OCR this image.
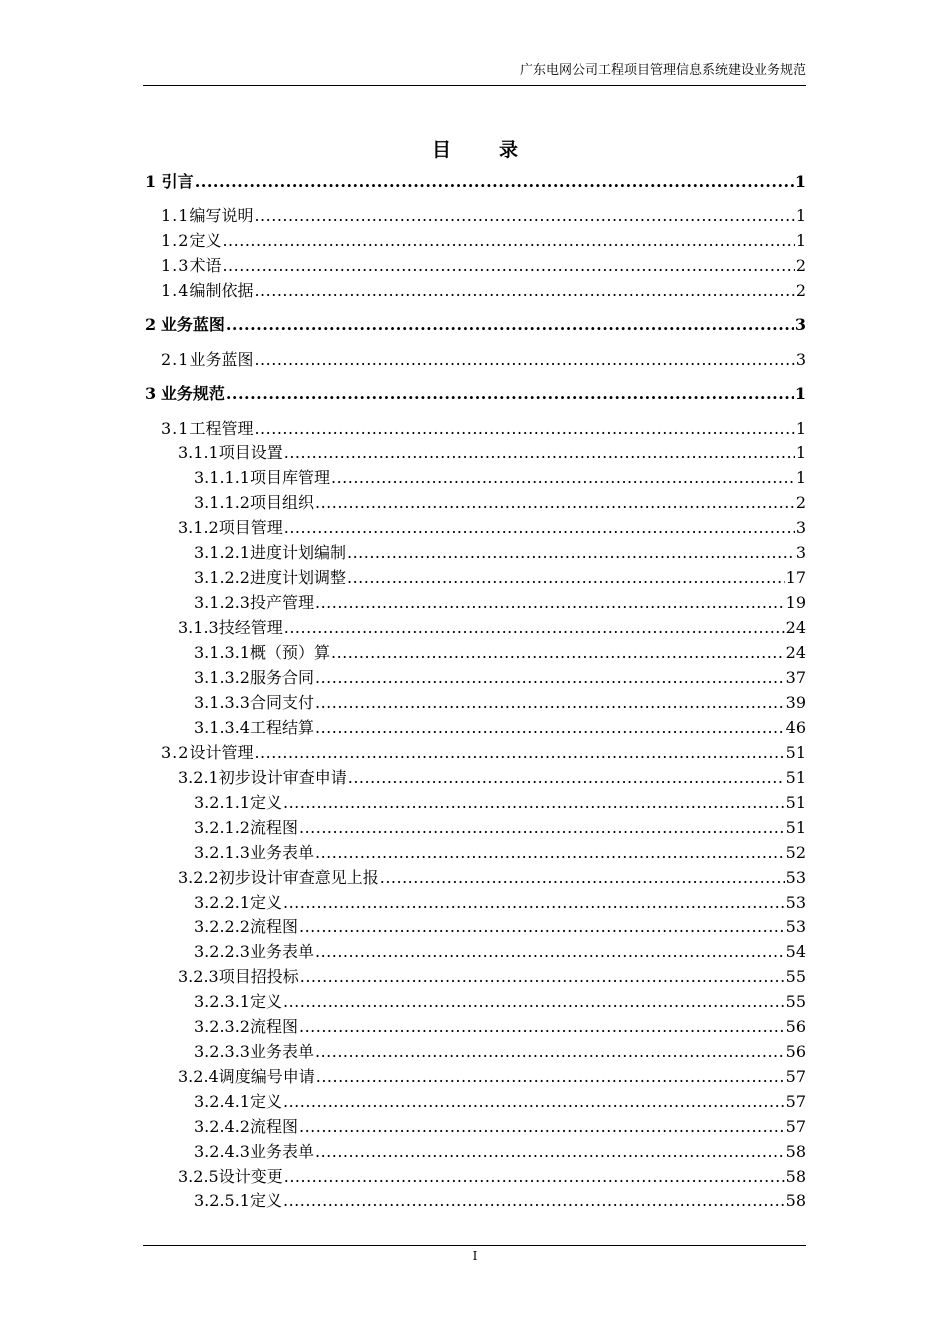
广东电网公司工程项目管理信息系统建设业务规范
目	录
1 引言 .....	1
1.1 编写说明 .....	1
1.2 定义 .....	1
1.3 术语 .....	2
1.4 编制依据 .....	2
2 业务蓝图 .....	3
2.1 业务蓝图 .....	3
3 业务规范 .....	1
3.1 工程管理 .....	1
3.1.1 项目设置 .....	1
3.1.1.1 项目库管理 .....	1
3.1.1.2 项目组织 .....	2
3.1.2 项目管理 .....	3
3.1.2.1 进度计划编制 .....	3
3.1.2.2 进度计划调整 .....	17
3.1.2.3 投产管理 .....	19
3.1.3 技经管理 .....	24
3.1.3.1 概（预）算 .....	24
3.1.3.2 服务合同 .....	37
3.1.3.3 合同支付 .....	39
3.1.3.4 工程结算 .....	46
3.2 设计管理 .....	51
3.2.1 初步设计审查申请 .....	51
3.2.1.1 定义 .....	51
3.2.1.2 流程图 .....	51
3.2.1.3 业务表单 .....	52
3.2.2 初步设计审查意见上报 .....	53
3.2.2.1 定义 .....	53
3.2.2.2 流程图 .....	53
3.2.2.3 业务表单 .....	54
3.2.3 项目招投标 .....	55
3.2.3.1 定义 .....	55
3.2.3.2 流程图 .....	56
3.2.3.3 业务表单 .....	56
3.2.4 调度编号申请 .....	57
3.2.4.1 定义 .....	57
3.2.4.2 流程图 .....	57
3.2.4.3 业务表单 .....	58
3.2.5 设计变更 .....	58
3.2.5.1 定义 .....	58
I
